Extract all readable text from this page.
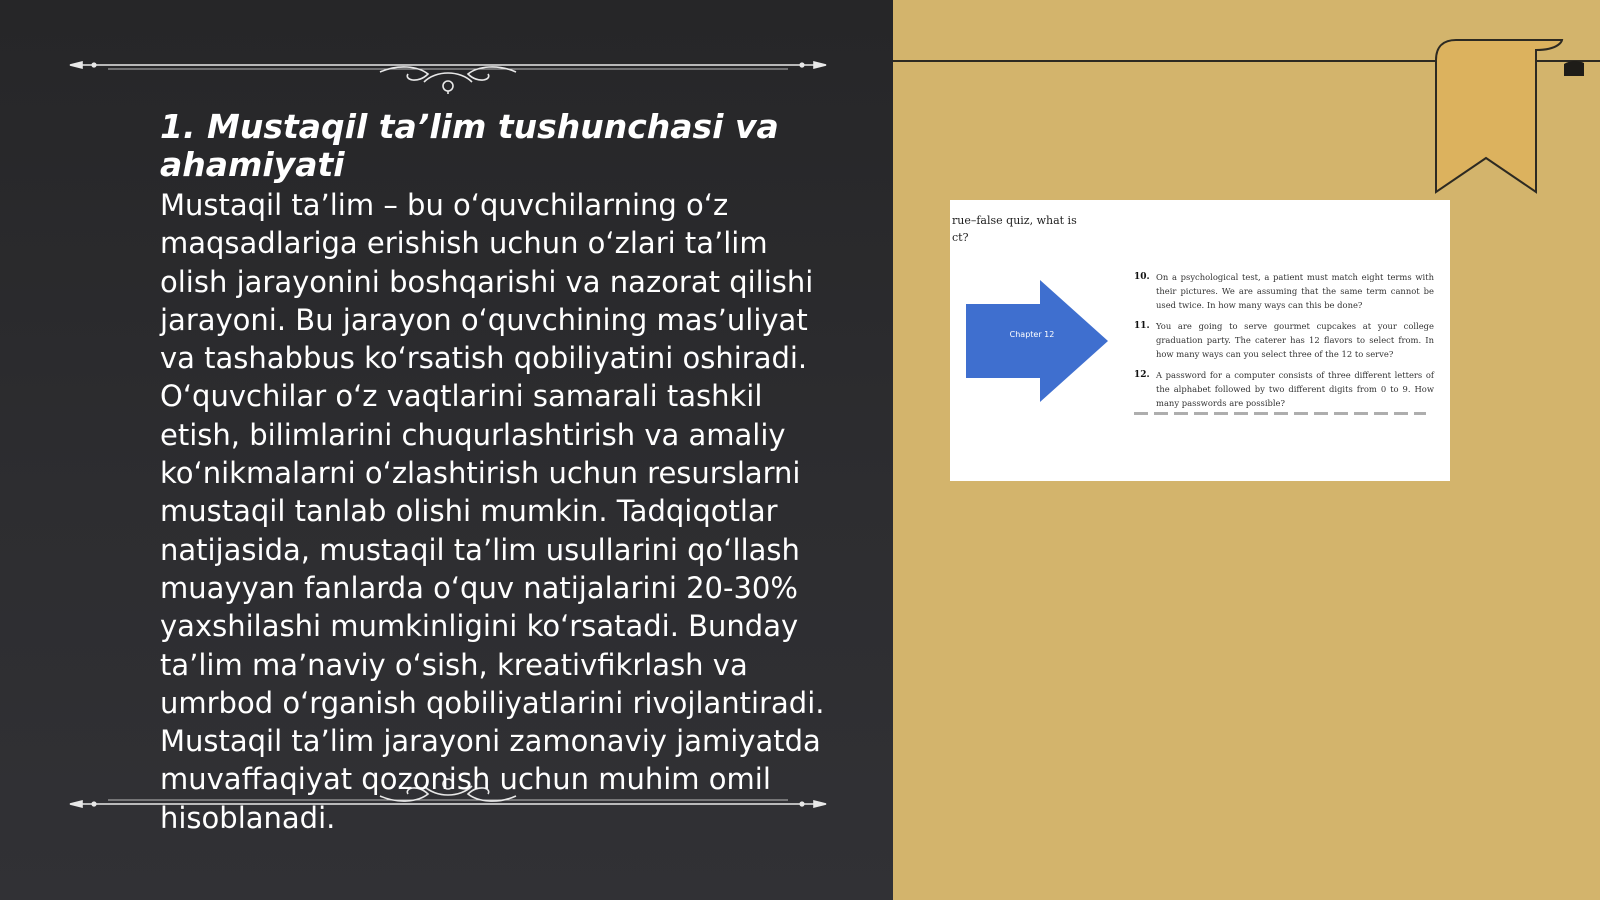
1. Mustaqil ta’lim tushunchasi va ahamiyati

Mustaqil ta’lim – bu o‘quvchilarning o‘z maqsadlariga erishish uchun o‘zlari ta’lim olish jarayonini boshqarishi va nazorat qilishi jarayoni. Bu jarayon o‘quvchining mas’uliyat va tashabbus ko‘rsatish qobiliyatini oshiradi. O‘quvchilar o‘z vaqtlarini samarali tashkil etish, bilimlarini chuqurlashtirish va amaliy ko‘nikmalarni o‘zlashtirish uchun resurslarni mustaqil tanlab olishi mumkin. Tadqiqotlar natijasida, mustaqil ta’lim usullarini qo‘llash muayyan fanlarda o‘quv natijalarini 20-30% yaxshilashi mumkinligini ko‘rsatadi. Bunday ta’lim ma’naviy o‘sish, kreativfikrlash va umrbod o‘rganish qobiliyatlarini rivojlantiradi. Mustaqil ta’lim jarayoni zamonaviy jamiyatda muvaffaqiyat qozonish uchun muhim omil hisoblanadi.

rue–false quiz, what is
ct?
Chapter 12
10. On a psychological test, a patient must match eight terms with their pictures. We are assuming that the same term cannot be used twice. In how many ways can this be done?
11. You are going to serve gourmet cupcakes at your college graduation party. The caterer has 12 flavors to select from. In how many ways can you select three of the 12 to serve?
12. A password for a computer consists of three different letters of the alphabet followed by two different digits from 0 to 9. How many passwords are possible?
